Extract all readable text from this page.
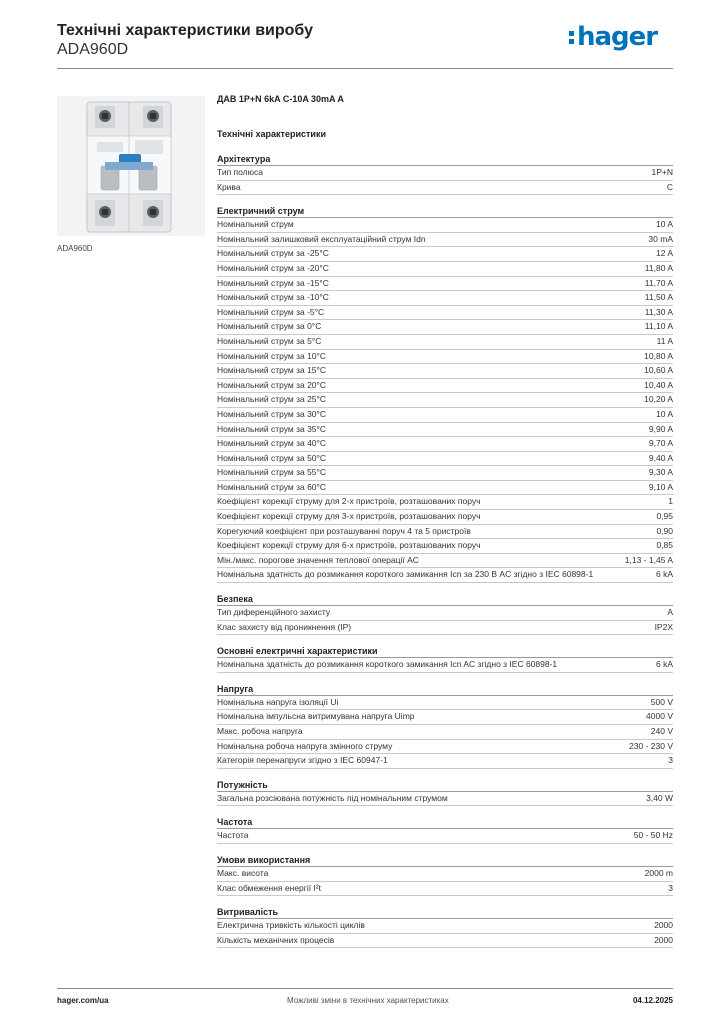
Технічні характеристики виробу
ADA960D	hager
ADA960D
ДАВ 1P+N 6kA C-10A 30mA A
Технічні характеристики
Архітектура
Тип полюса	1P+N
Крива	C
Електричний струм
Номінальний струм	10 A
Номінальний залишковий експлуатаційний струм Idn	30 mA
Номінальний струм за -25°C	12 A
Номінальний струм за -20°C	11,80 A
Номінальний струм за -15°C	11,70 A
Номінальний струм за -10°C	11,50 A
Номінальний струм за -5°C	11,30 A
Номінальний струм за 0°C	11,10 A
Номінальний струм за 5°C	11 A
Номінальний струм за 10°C	10,80 A
Номінальний струм за 15°C	10,60 A
Номінальний струм за 20°C	10,40 A
Номінальний струм за 25°C	10,20 A
Номінальний струм за 30°C	10 A
Номінальний струм за 35°C	9,90 A
Номінальний струм за 40°C	9,70 A
Номінальний струм за 50°C	9,40 A
Номінальний струм за 55°C	9,30 A
Номінальний струм за 60°C	9,10 A
Коефіцієнт корекції струму для 2-х пристроїв, розташованих поруч	1
Коефіцієнт корекції струму для 3-х пристроїв, розташованих поруч	0,95
Корегуючий коефіцієнт при розташуванні поруч 4 та 5 пристроїв	0,90
Коефіцієнт корекції струму для 6-х пристроїв, розташованих поруч	0,85
Мін./макс. порогове значення теплової операції AC	1,13 - 1,45 A
Номінальна здатність до розмикання короткого замикання Icn за 230 В AC згідно з IEC 60898-1	6 kA
Безпека
Тип диференційного захисту	A
Клас захисту від проникнення (IP)	IP2X
Основні електричні характеристики
Номінальна здатність до розмикання короткого замикання Icn AC згідно з IEC 60898-1	6 kA
Напруга
Номінальна напруга ізоляції Ui	500 V
Номінальна імпульсна витримувана напруга Uimp	4000 V
Макс. робоча напруга	240 V
Номінальна робоча напруга змінного струму	230 - 230 V
Категорія перенапруги згідно з IEC 60947-1	3
Потужність
Загальна розсіювана потужність під номінальним струмом	3,40 W
Частота
Частота	50 - 50 Hz
Умови використання
Макс. висота	2000 m
Клас обмеження енергії I²t	3
Витривалість
Електрична тривкість кількості циклів	2000
Кількість механічних процесів	2000
hager.com/ua	Можливі зміни в технічних характеристиках	04.12.2025
